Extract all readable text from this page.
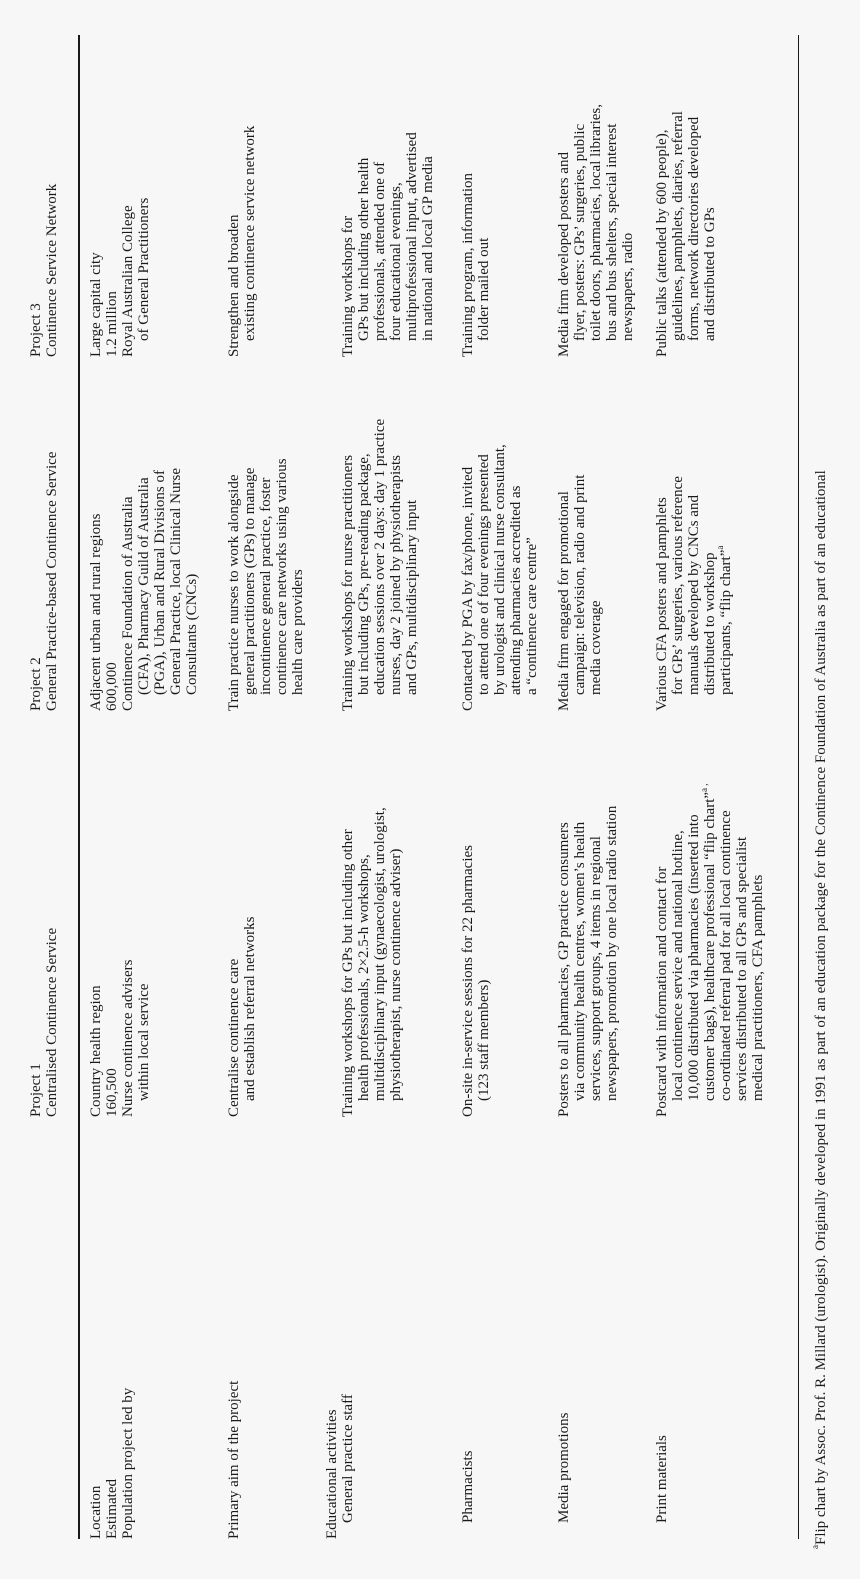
Project 1 Centralised Continence Service
Project 2 General Practice-based Continence Service
Project 3 Continence Service Network
Location Estimated Population project led by
Country health region 160,500 Nurse continence advisers within local service
Adjacent urban and rural regions 600,000 Continence Foundation of Australia (CFA), Pharmacy Guild of Australia (PGA), Urban and Rural Divisions of General Practice, local Clinical Nurse Consultants (CNCs)
Large capital city 1.2 million Royal Australian College of General Practitioners
Primary aim of the project
Centralise continence care and establish referral networks
Train practice nurses to work alongside general practitioners (GPs) to manage incontinence general practice, foster continence care networks using various health care providers
Strengthen and broaden existing continence service network
Educational activities General practice staff
Training workshops for GPs but including other health professionals, 2×2.5-h workshops, multidisciplinary input (gynaecologist, urologist, physiotherapist, nurse continence adviser)
Training workshops for nurse practitioners but including GPs, pre-reading package, education sessions over 2 days: day 1 practice nurses, day 2 joined by physiotherapists and GPs, multidisciplinary input
Training workshops for GPs but including other health professionals, attended one of four educational evenings, multiprofessional input, advertised in national and local GP media
Pharmacists
On-site in-service sessions for 22 pharmacies (123 staff members)
Contacted by PGA by fax/phone, invited to attend one of four evenings presented by urologist and clinical nurse consultant, attending pharmacies accredited as a “continence care centre”
Training program, information folder mailed out
Media promotions
Posters to all pharmacies, GP practice consumers via community health centres, women’s health services, support groups, 4 items in regional newspapers, promotion by one local radio station
Media firm engaged for promotional campaign: television, radio and print media coverage
Media firm developed posters and flyer, posters: GPs’ surgeries, public toilet doors, pharmacies, local libraries, bus and bus shelters, special interest newspapers, radio
Print materials
Postcard with information and contact for local continence service and national hotline, 10,000 distributed via pharmacies (inserted into customer bags), healthcare professional “flip chart”$^{a ,}$
co-ordinated referral pad for all local continence services distributed to all GPs and specialist medical practitioners, CFA pamphlets
Various CFA posters and pamphlets for GPs’ surgeries, various reference manuals developed by CNCs and distributed to workshop participants, “flip chart”$^a$
Public talks (attended by 600 people), guidelines, pamphlets, diaries, referral forms, network directories developed and distributed to GPs
$^a$Flip chart by Assoc. Prof. R. Millard (urologist). Originally developed in 1991 as part of an education package for the Continence Foundation of Australia as part of an educational
